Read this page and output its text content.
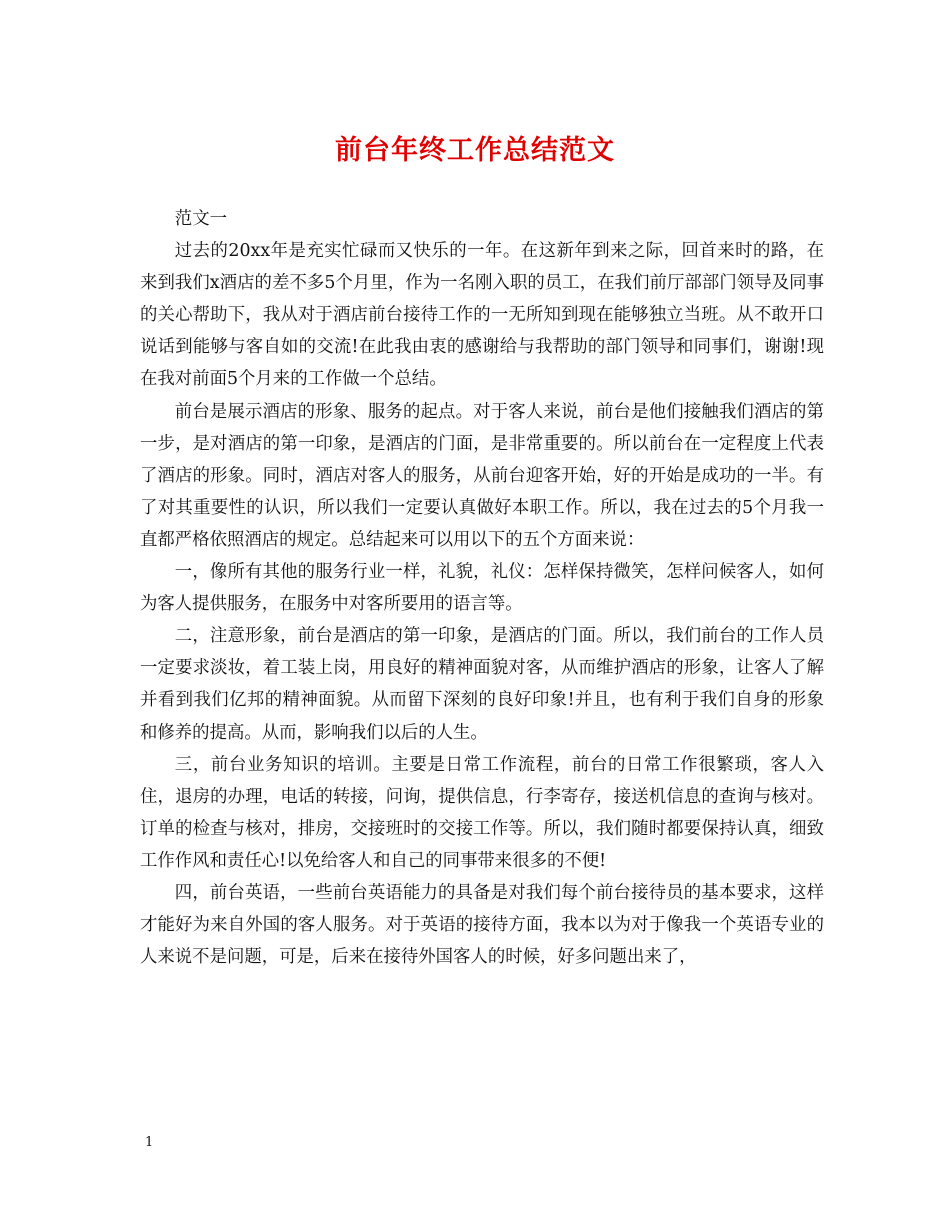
前台年终工作总结范文

范文一

过去的20xx年是充实忙碌而又快乐的一年。在这新年到来之际，回首来时的路，在来到我们x酒店的差不多5个月里，作为一名刚入职的员工，在我们前厅部部门领导及同事的关心帮助下，我从对于酒店前台接待工作的一无所知到现在能够独立当班。从不敢开口说话到能够与客自如的交流!在此我由衷的感谢给与我帮助的部门领导和同事们，谢谢!现在我对前面5个月来的工作做一个总结。

前台是展示酒店的形象、服务的起点。对于客人来说，前台是他们接触我们酒店的第一步，是对酒店的第一印象，是酒店的门面，是非常重要的。所以前台在一定程度上代表了酒店的形象。同时，酒店对客人的服务，从前台迎客开始，好的开始是成功的一半。有了对其重要性的认识，所以我们一定要认真做好本职工作。所以，我在过去的5个月我一直都严格依照酒店的规定。总结起来可以用以下的五个方面来说：

一，像所有其他的服务行业一样，礼貌，礼仪：怎样保持微笑，怎样问候客人，如何为客人提供服务，在服务中对客所要用的语言等。

二，注意形象，前台是酒店的第一印象，是酒店的门面。所以，我们前台的工作人员一定要求淡妆，着工装上岗，用良好的精神面貌对客，从而维护酒店的形象，让客人了解并看到我们亿邦的精神面貌。从而留下深刻的良好印象!并且，也有利于我们自身的形象和修养的提高。从而，影响我们以后的人生。

三，前台业务知识的培训。主要是日常工作流程，前台的日常工作很繁琐，客人入住，退房的办理，电话的转接，问询，提供信息，行李寄存，接送机信息的查询与核对。订单的检查与核对，排房，交接班时的交接工作等。所以，我们随时都要保持认真，细致工作作风和责任心!以免给客人和自己的同事带来很多的不便!

四，前台英语，一些前台英语能力的具备是对我们每个前台接待员的基本要求，这样才能好为来自外国的客人服务。对于英语的接待方面，我本以为对于像我一个英语专业的人来说不是问题，可是，后来在接待外国客人的时候，好多问题出来了，

1
